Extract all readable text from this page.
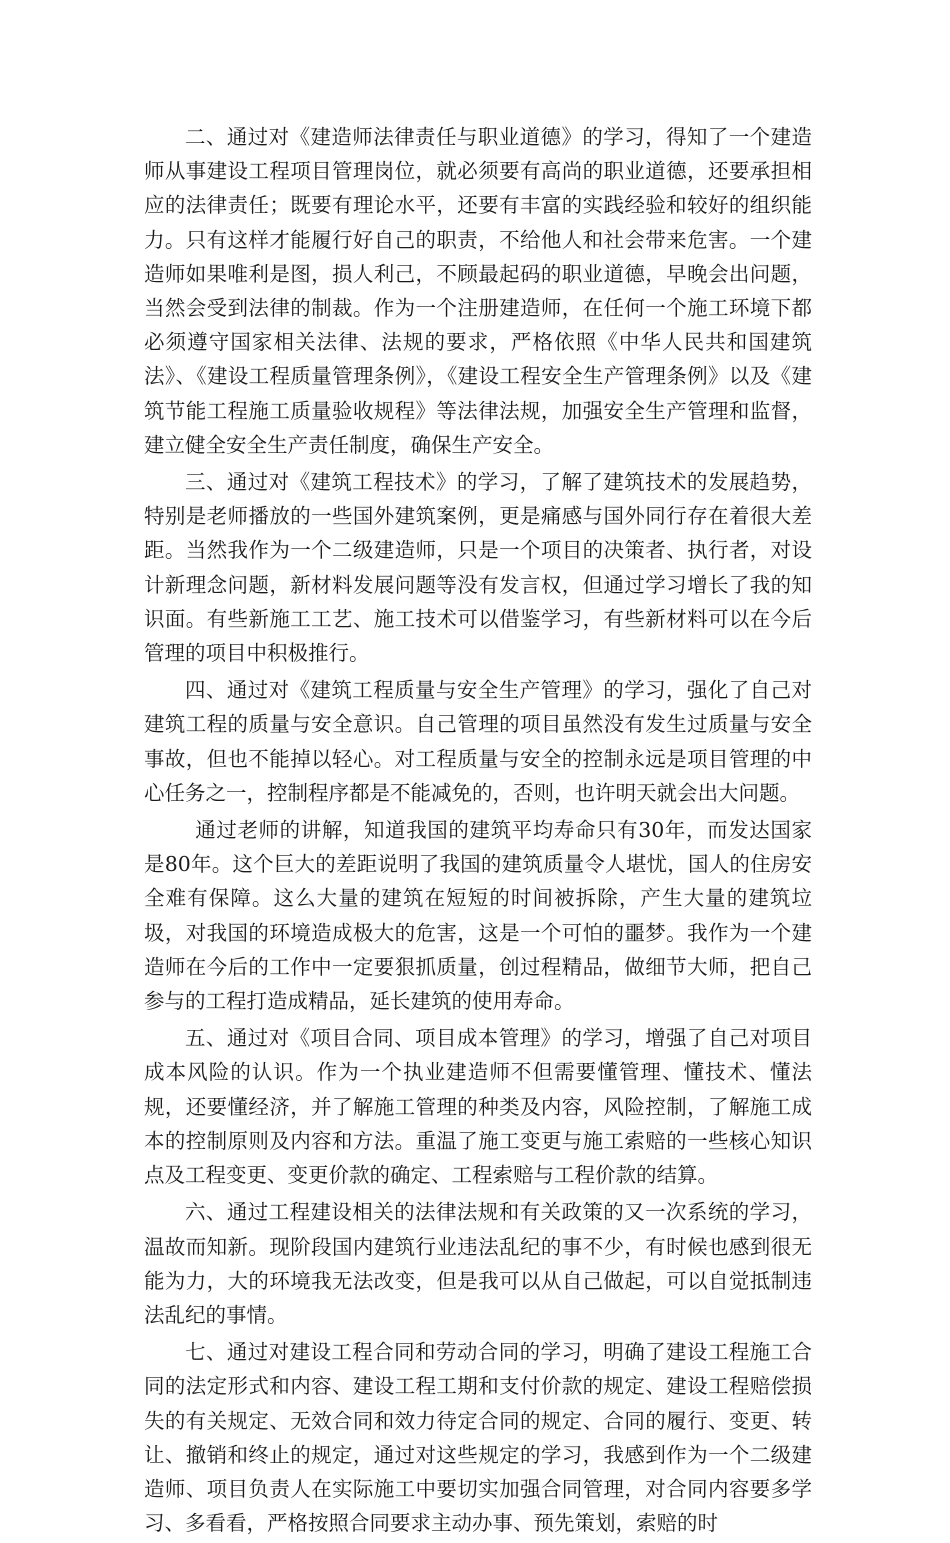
二、通过对《建造师法律责任与职业道德》的学习，得知了一个建造师从事建设工程项目管理岗位，就必须要有高尚的职业道德，还要承担相应的法律责任；既要有理论水平，还要有丰富的实践经验和较好的组织能力。只有这样才能履行好自己的职责，不给他人和社会带来危害。一个建造师如果唯利是图，损人利己，不顾最起码的职业道德，早晚会出问题，当然会受到法律的制裁。作为一个注册建造师，在任何一个施工环境下都必须遵守国家相关法律、法规的要求，严格依照《中华人民共和国建筑法》、《建设工程质量管理条例》，《建设工程安全生产管理条例》以及《建筑节能工程施工质量验收规程》等法律法规，加强安全生产管理和监督，建立健全安全生产责任制度，确保生产安全。

三、通过对《建筑工程技术》的学习，了解了建筑技术的发展趋势，特别是老师播放的一些国外建筑案例，更是痛感与国外同行存在着很大差距。当然我作为一个二级建造师，只是一个项目的决策者、执行者，对设计新理念问题，新材料发展问题等没有发言权，但通过学习增长了我的知识面。有些新施工工艺、施工技术可以借鉴学习，有些新材料可以在今后管理的项目中积极推行。

四、通过对《建筑工程质量与安全生产管理》的学习，强化了自己对建筑工程的质量与安全意识。自己管理的项目虽然没有发生过质量与安全事故，但也不能掉以轻心。对工程质量与安全的控制永远是项目管理的中心任务之一，控制程序都是不能减免的，否则，也许明天就会出大问题。

通过老师的讲解，知道我国的建筑平均寿命只有30年，而发达国家是80年。这个巨大的差距说明了我国的建筑质量令人堪忧，国人的住房安全难有保障。这么大量的建筑在短短的时间被拆除，产生大量的建筑垃圾，对我国的环境造成极大的危害，这是一个可怕的噩梦。我作为一个建造师在今后的工作中一定要狠抓质量，创过程精品，做细节大师，把自己参与的工程打造成精品，延长建筑的使用寿命。

五、通过对《项目合同、项目成本管理》的学习，增强了自己对项目成本风险的认识。作为一个执业建造师不但需要懂管理、懂技术、懂法规，还要懂经济，并了解施工管理的种类及内容，风险控制，了解施工成本的控制原则及内容和方法。重温了施工变更与施工索赔的一些核心知识点及工程变更、变更价款的确定、工程索赔与工程价款的结算。

六、通过工程建设相关的法律法规和有关政策的又一次系统的学习，温故而知新。现阶段国内建筑行业违法乱纪的事不少，有时候也感到很无能为力，大的环境我无法改变，但是我可以从自己做起，可以自觉抵制违法乱纪的事情。

七、通过对建设工程合同和劳动合同的学习，明确了建设工程施工合同的法定形式和内容、建设工程工期和支付价款的规定、建设工程赔偿损失的有关规定、无效合同和效力待定合同的规定、合同的履行、变更、转让、撤销和终止的规定，通过对这些规定的学习，我感到作为一个二级建造师、项目负责人在实际施工中要切实加强合同管理，对合同内容要多学习、多看看，严格按照合同要求主动办事、预先策划，索赔的时
